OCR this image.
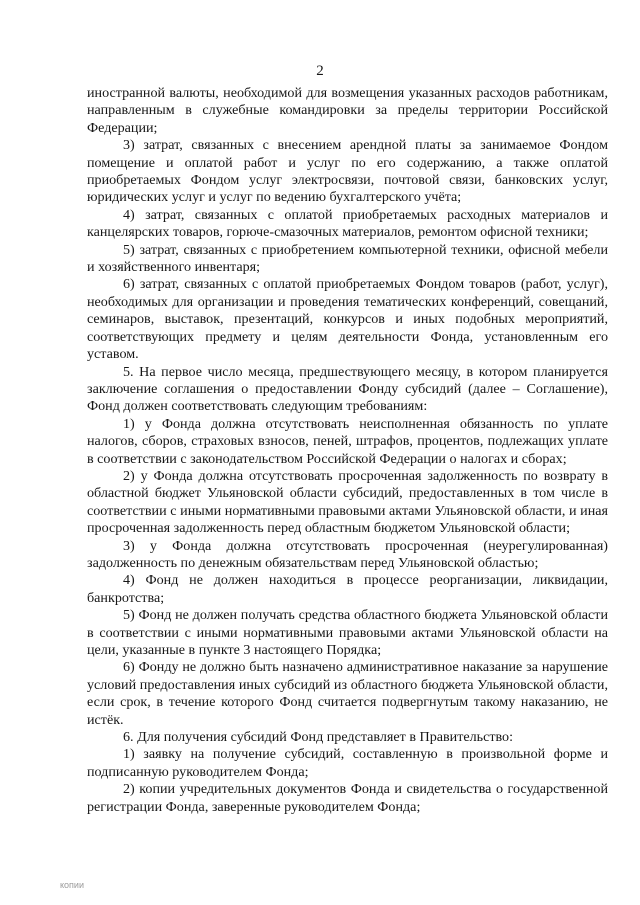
2

иностранной валюты, необходимой для возмещения указанных расходов работникам, направленным в служебные командировки за пределы территории Российской Федерации;

3) затрат, связанных с внесением арендной платы за занимаемое Фондом помещение и оплатой работ и услуг по его содержанию, а также оплатой приобретаемых Фондом услуг электросвязи, почтовой связи, банковских услуг, юридических услуг и услуг по ведению бухгалтерского учёта;

4) затрат, связанных с оплатой приобретаемых расходных материалов и канцелярских товаров, горюче-смазочных материалов, ремонтом офисной техники;

5) затрат, связанных с приобретением компьютерной техники, офисной мебели и хозяйственного инвентаря;

6) затрат, связанных с оплатой приобретаемых Фондом товаров (работ, услуг), необходимых для организации и проведения тематических конференций, совещаний, семинаров, выставок, презентаций, конкурсов и иных подобных мероприятий, соответствующих предмету и целям деятельности Фонда, установленным его уставом.

5. На первое число месяца, предшествующего месяцу, в котором планируется заключение соглашения о предоставлении Фонду субсидий (далее – Соглашение), Фонд должен соответствовать следующим требованиям:

1) у Фонда должна отсутствовать неисполненная обязанность по уплате налогов, сборов, страховых взносов, пеней, штрафов, процентов, подлежащих уплате в соответствии с законодательством Российской Федерации о налогах и сборах;

2) у Фонда должна отсутствовать просроченная задолженность по возврату в областной бюджет Ульяновской области субсидий, предоставленных в том числе в соответствии с иными нормативными правовыми актами Ульяновской области, и иная просроченная задолженность перед областным бюджетом Ульяновской области;

3) у Фонда должна отсутствовать просроченная (неурегулированная) задолженность по денежным обязательствам перед Ульяновской областью;

4) Фонд не должен находиться в процессе реорганизации, ликвидации, банкротства;

5) Фонд не должен получать средства областного бюджета Ульяновской области в соответствии с иными нормативными правовыми актами Ульяновской области на цели, указанные в пункте 3 настоящего Порядка;

6) Фонду не должно быть назначено административное наказание за нарушение условий предоставления иных субсидий из областного бюджета Ульяновской области, если срок, в течение которого Фонд считается подвергнутым такому наказанию, не истёк.

6. Для получения субсидий Фонд представляет в Правительство:

1) заявку на получение субсидий, составленную в произвольной форме и подписанную руководителем Фонда;

2) копии учредительных документов Фонда и свидетельства о государственной регистрации Фонда, заверенные руководителем Фонда;

копии
